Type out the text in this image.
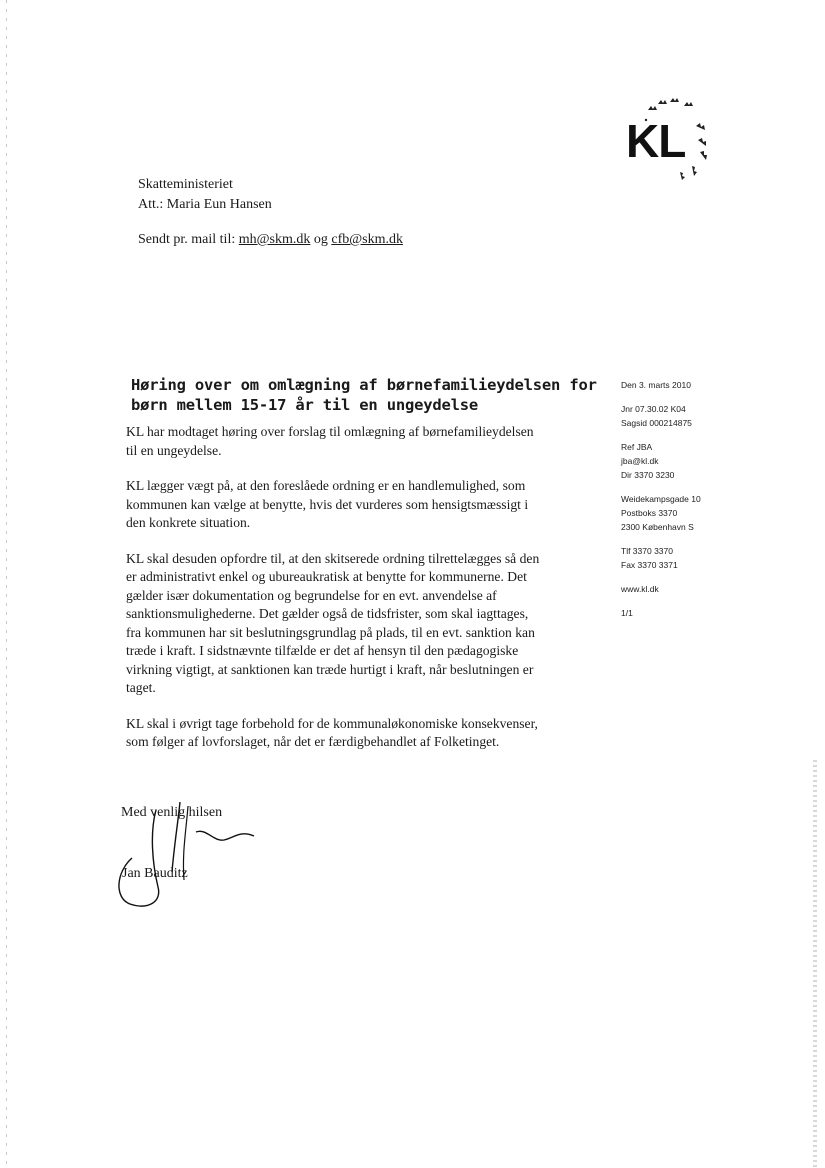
KL
Skatteministeriet
Att.: Maria Eun Hansen
Sendt pr. mail til: mh@skm.dk og cfb@skm.dk
Høring over om omlægning af børnefamilieydelsen for
børn mellem 15-17 år til en ungeydelse

KL har modtaget høring over forslag til omlægning af børnefamilieydelsen
til en ungeydelse.

KL lægger vægt på, at den foreslåede ordning er en handlemulighed, som
kommunen kan vælge at benytte, hvis det vurderes som hensigtsmæssigt i
den konkrete situation.

KL skal desuden opfordre til, at den skitserede ordning tilrettelægges så den
er administrativt enkel og ubureaukratisk at benytte for kommunerne. Det
gælder især dokumentation og begrundelse for en evt. anvendelse af
sanktionsmulighederne. Det gælder også de tidsfrister, som skal iagttages,
fra kommunen har sit beslutningsgrundlag på plads, til en evt. sanktion kan
træde i kraft. I sidstnævnte tilfælde er det af hensyn til den pædagogiske
virkning vigtigt, at sanktionen kan træde hurtigt i kraft, når beslutningen er
taget.

KL skal i øvrigt tage forbehold for de kommunaløkonomiske konsekvenser,
som følger af lovforslaget, når det er færdigbehandlet af Folketinget.

Den 3. marts 2010
Jnr 07.30.02 K04
Sagsid 000214875
Ref JBA
jba@kl.dk
Dir 3370 3230
Weidekampsgade 10
Postboks 3370
2300 København S
Tlf 3370 3370
Fax 3370 3371
www.kl.dk
1/1
Med venlig hilsen
Jan Bauditz
